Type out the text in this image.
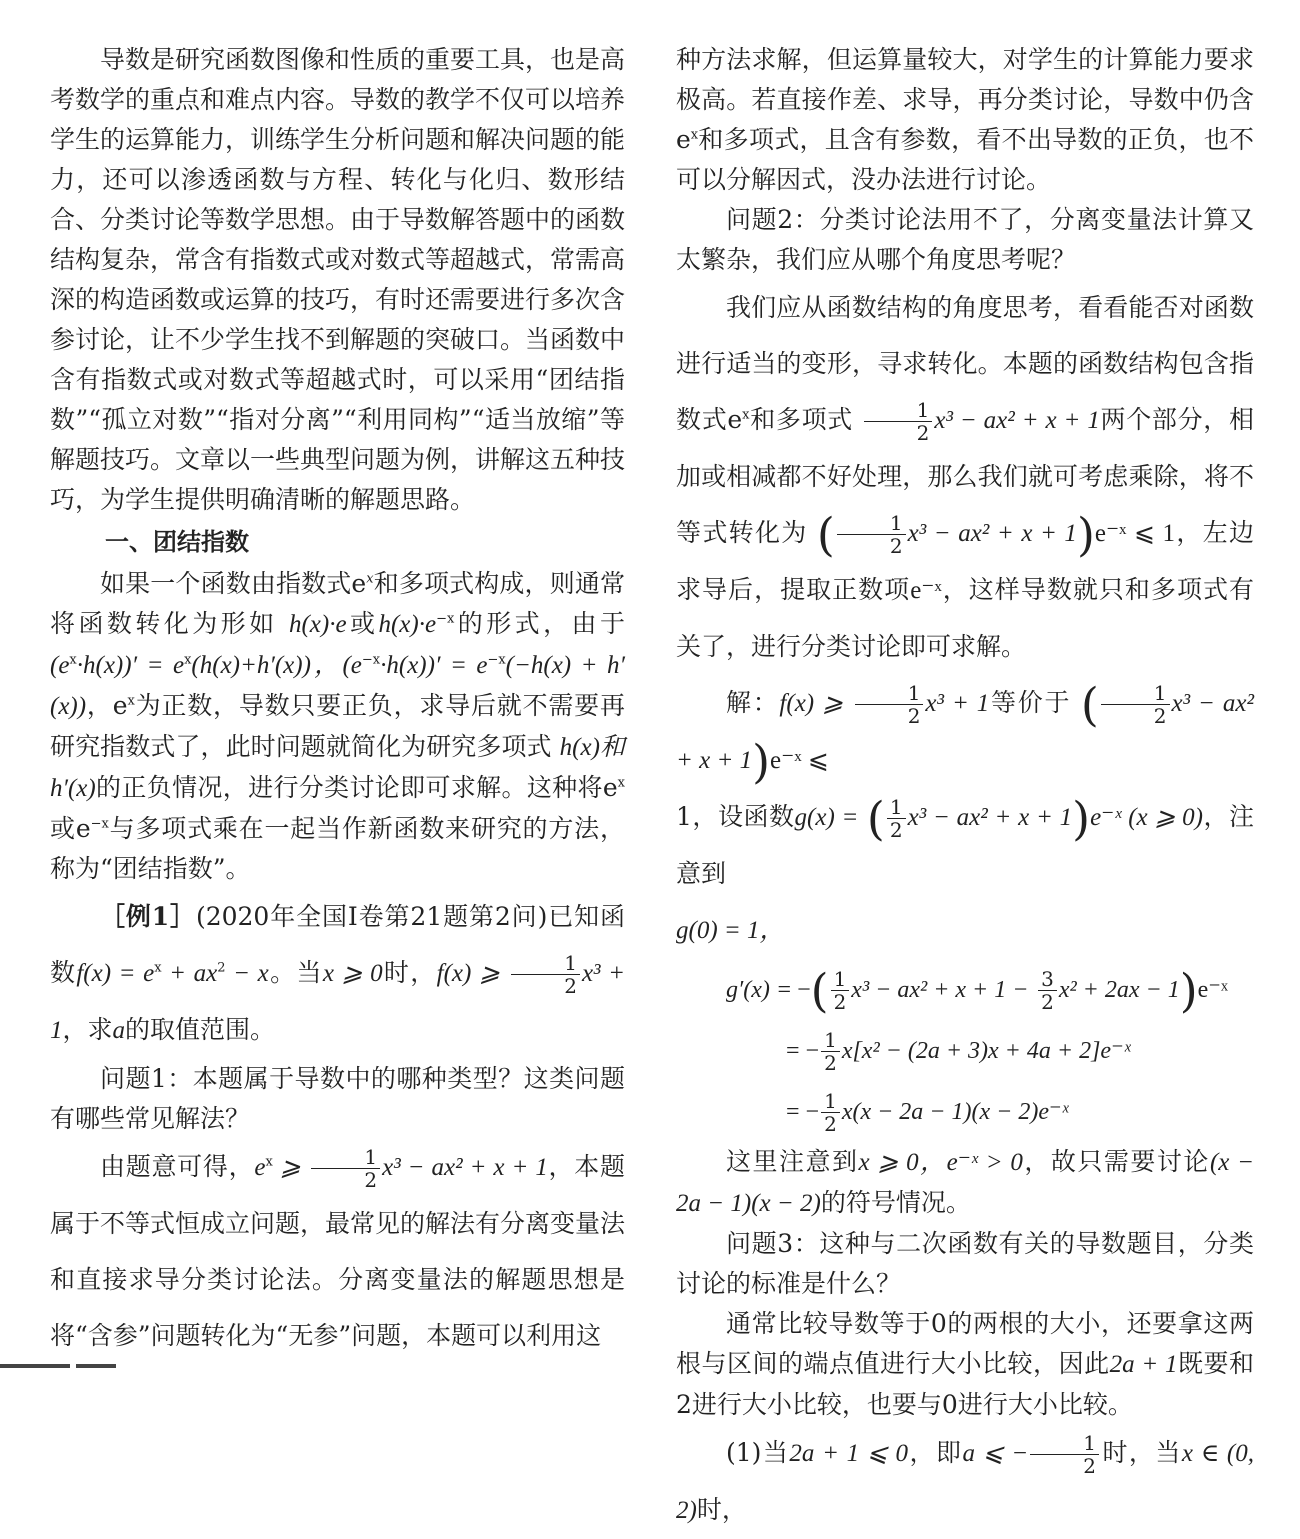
导数是研究函数图像和性质的重要工具，也是高考数学的重点和难点内容。导数的教学不仅可以培养学生的运算能力，训练学生分析问题和解决问题的能力，还可以渗透函数与方程、转化与化归、数形结合、分类讨论等数学思想。由于导数解答题中的函数结构复杂，常含有指数式或对数式等超越式，常需高深的构造函数或运算的技巧，有时还需要进行多次含参讨论，让不少学生找不到解题的突破口。当函数中含有指数式或对数式等超越式时，可以采用“团结指数”“孤立对数”“指对分离”“利用同构”“适当放缩”等解题技巧。文章以一些典型问题为例，讲解这五种技巧，为学生提供明确清晰的解题思路。

一、团结指数

如果一个函数由指数式$e^x$和多项式构成，则通常将函数转化为形如 h(x)·e或$h(x)\cdot e^{-x}$的形式，由于 $(e^x\cdot h(x))' = e^x(h(x)+h'(x))$，$(e^{-x}\cdot h(x))' = e^{-x}(-h(x) + h'(x))$，$e^x$为正数，导数只要正负，求导后就不需要再研究指数式了，此时问题就简化为研究多项式 h(x)和h′(x)的正负情况，进行分类讨论即可求解。这种将$e^x$或$e^{-x}$与多项式乘在一起当作新函数来研究的方法，称为“团结指数”。

［例1］(2020年全国Ⅰ卷第21题第2问)已知函数$f(x) = e^x + ax^2 - x$。当x ⩾ 0时，f(x) ⩾ $\frac{1}{2} x^3 + 1$，求a的取值范围。

问题1：本题属于导数中的哪种类型？这类问题有哪些常见解法？

由题意可得，$e^x$ ⩾ $\frac{1}{2} x^3 - ax^2 + x + 1$，本题属于不等式恒成立问题，最常见的解法有分离变量法和直接求导分类讨论法。分离变量法的解题思想是将“含参”问题转化为“无参”问题，本题可以利用这

种方法求解，但运算量较大，对学生的计算能力要求极高。若直接作差、求导，再分类讨论，导数中仍含$e^x$和多项式，且含有参数，看不出导数的正负，也不可以分解因式，没办法进行讨论。

问题2：分类讨论法用不了，分离变量法计算又太繁杂，我们应从哪个角度思考呢？

我们应从函数结构的角度思考，看看能否对函数进行适当的变形，寻求转化。本题的函数结构包含指数式$e^x$和多项式 $\frac{1}{2} x^3 - ax^2 + x + 1$两个部分，相加或相减都不好处理，那么我们就可考虑乘除，将不等式转化为 ( $\frac{1}{2} x^3 - ax^2 + x$ + 1)e⁻ˣ ⩽ 1，左边求导后，提取正数项e⁻ˣ，这样导数就只和多项式有关了，进行分类讨论即可求解。

解：f(x) ⩾ $\frac{1}{2} x^3 + 1$等价于 ( $\frac{1}{2} x^3 - ax^2 + x$ + 1)e⁻ˣ ⩽

1，设函数g(x) = ( $\frac{1}{2} x^3 - ax^2 + x$ + 1)e⁻ˣ (x ⩾ 0)，注意到

g(0) = 1，

g′(x) = −( $\frac{1}{2} x^3 - ax^2 + x + 1 - \frac{3}{2} x^2 + 2ax$ − 1)e⁻ˣ
= − $\frac{1}{2} x[x^2 - (2a + 3)x + 4a$ + 2]e⁻ˣ
= − $\frac{1}{2} x(x - 2a - 1)(x$ − 2)e⁻ˣ

这里注意到x ⩾ 0，e⁻ˣ > 0，故只需要讨论(x − 2a − 1)(x − 2)的符号情况。

问题3：这种与二次函数有关的导数题目，分类讨论的标准是什么？

通常比较导数等于0的两根的大小，还要拿这两根与区间的端点值进行大小比较，因此2a + 1既要和2进行大小比较，也要与0进行大小比较。

(1)当2a + 1 ⩽ 0，即a ⩽ − $\frac{1}{2}$ 时，当x ∈ (0, 2)时，
